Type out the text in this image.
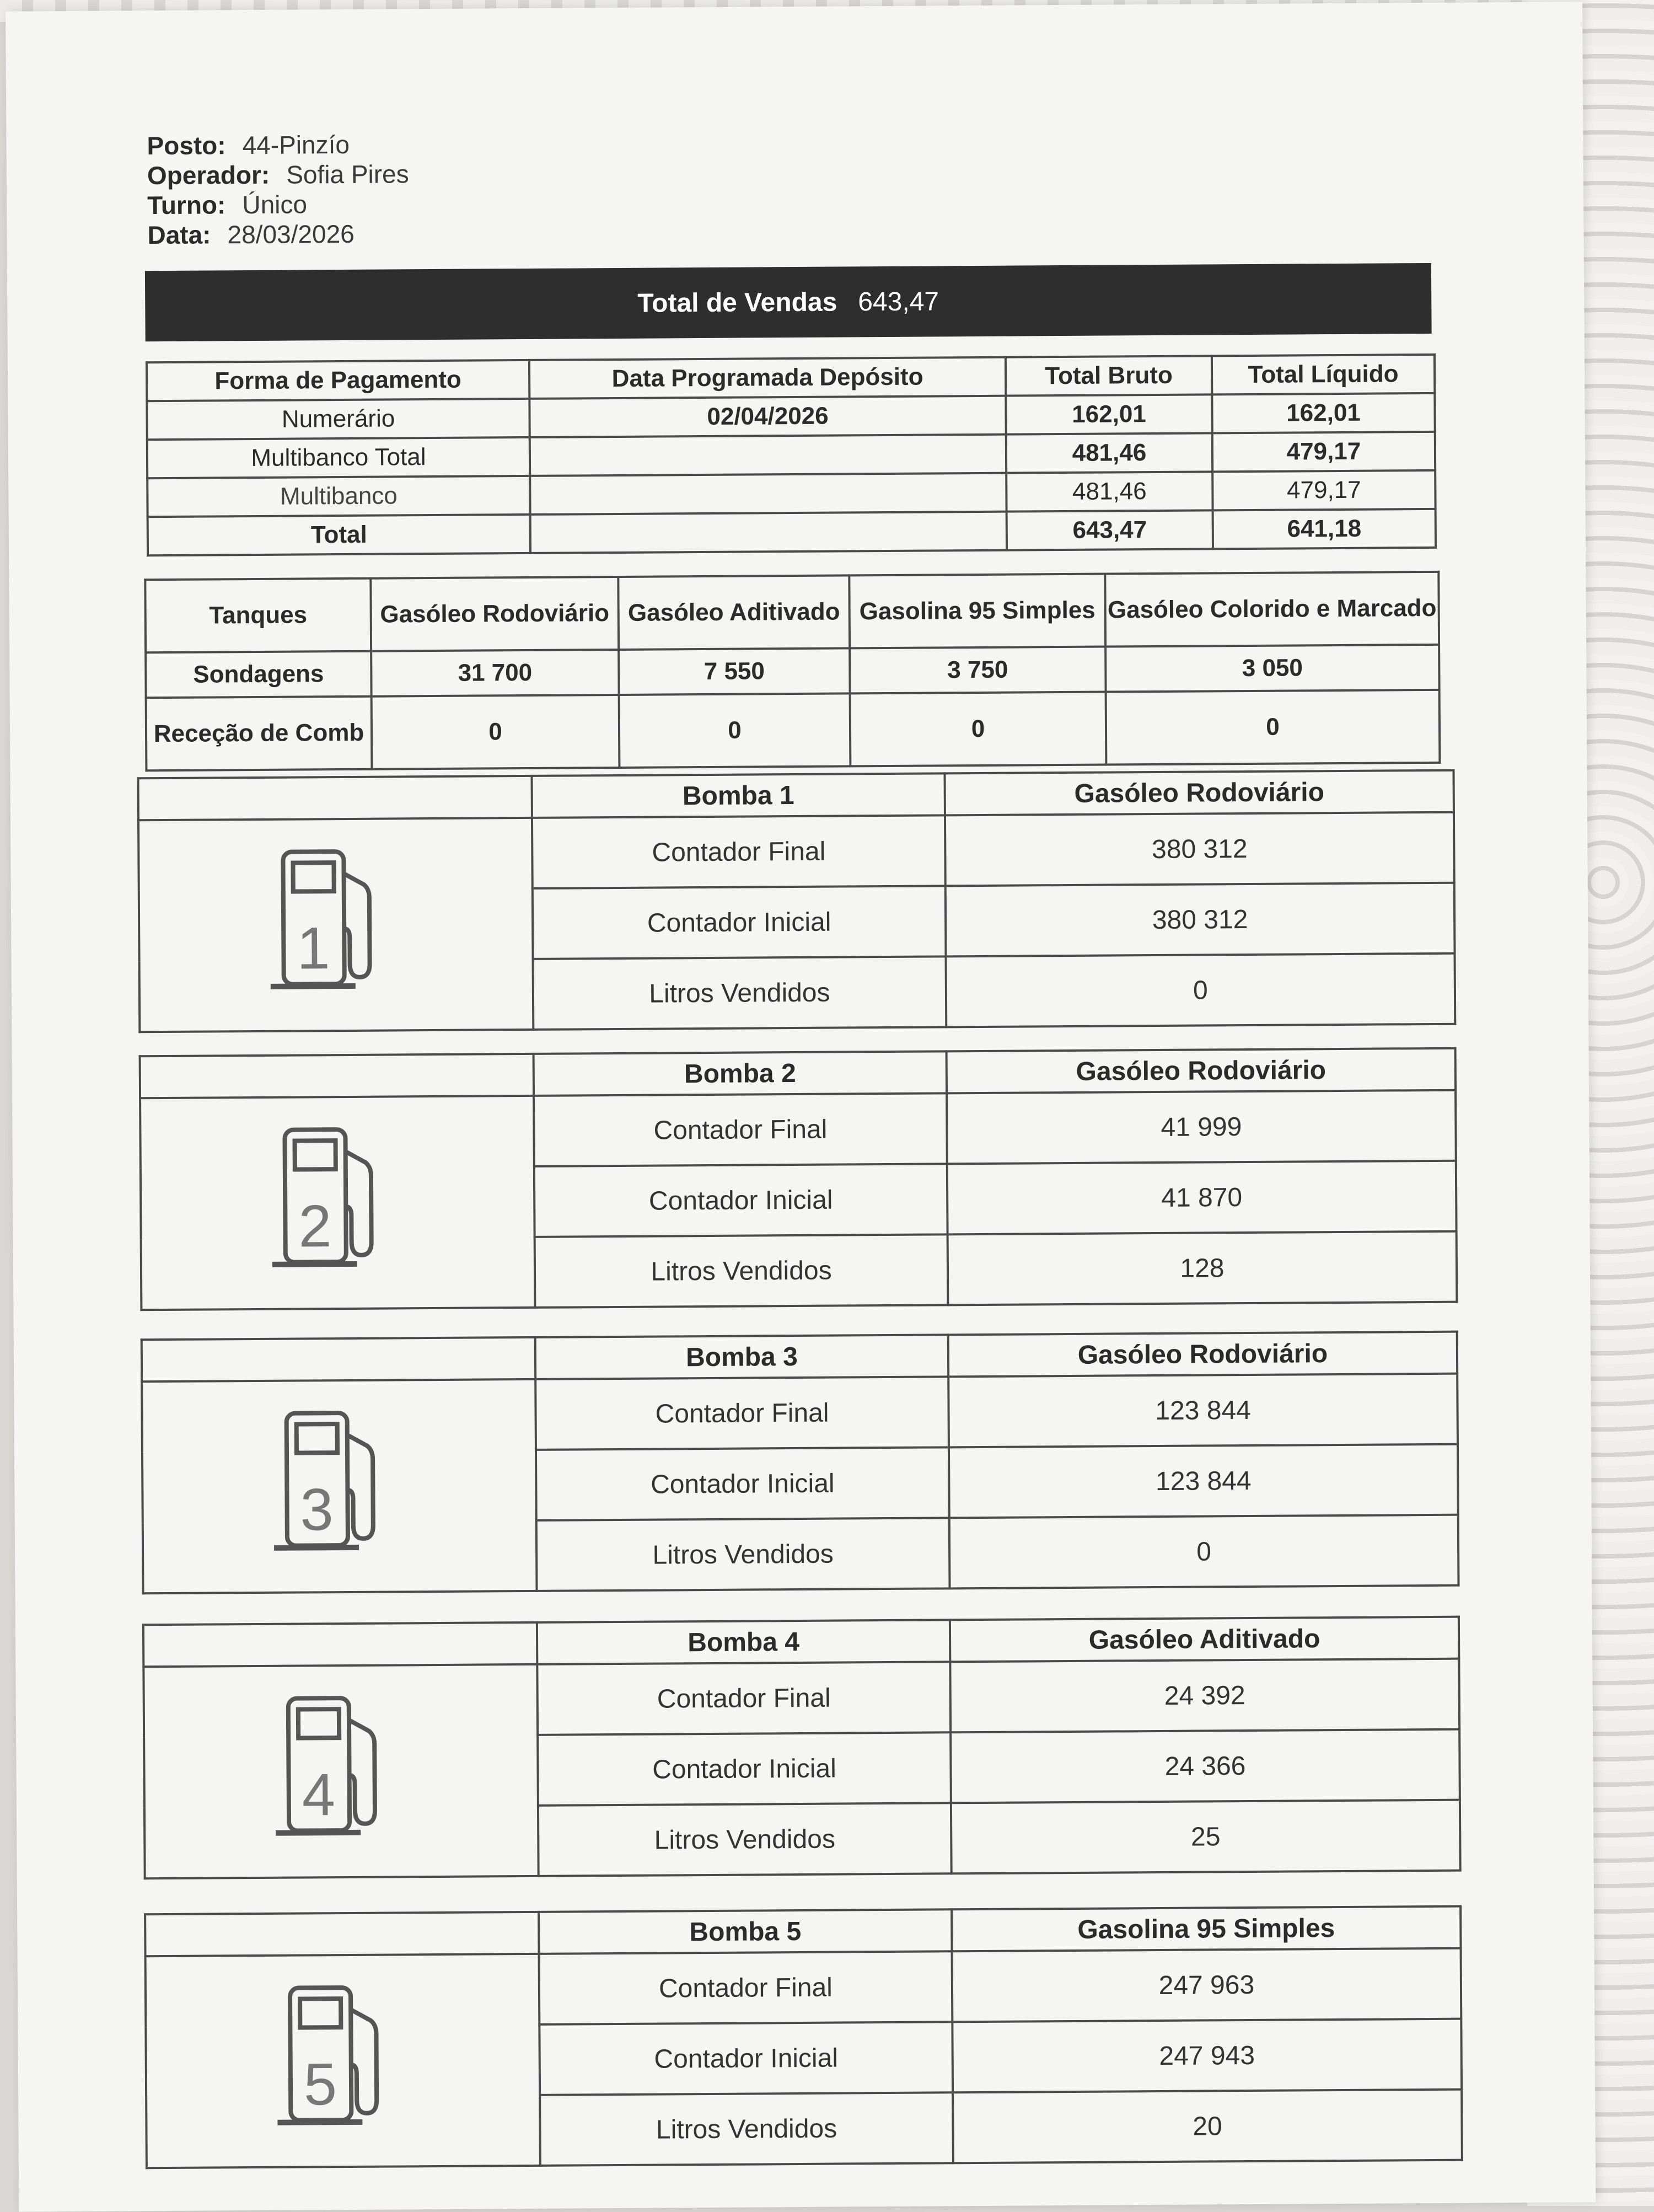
Posto: 44-Pinzío
Operador: Sofia Pires
Turno: Único
Data: 28/03/2026
Total de Vendas 643,47
Forma de Pagamento	Data Programada Depósito	Total Bruto	Total Líquido
Numerário	02/04/2026	162,01	162,01
Multibanco Total		481,46	479,17
Multibanco		481,46	479,17
Total		643,47	641,18
Tanques	Gasóleo Rodoviário	Gasóleo Aditivado	Gasolina 95 Simples	Gasóleo Colorido e Marcado
Sondagens	31 700	7 550	3 750	3 050
Receção de Comb	0	0	0	0
	Bomba 1	Gasóleo Rodoviário

1	Contador Final	380 312
	Contador Inicial	380 312
	Litros Vendidos	0
	Bomba 2	Gasóleo Rodoviário

2	Contador Final	41 999
	Contador Inicial	41 870
	Litros Vendidos	128
	Bomba 3	Gasóleo Rodoviário

3	Contador Final	123 844
	Contador Inicial	123 844
	Litros Vendidos	0
	Bomba 4	Gasóleo Aditivado

4	Contador Final	24 392
	Contador Inicial	24 366
	Litros Vendidos	25
	Bomba 5	Gasolina 95 Simples

5	Contador Final	247 963
	Contador Inicial	247 943
	Litros Vendidos	20
